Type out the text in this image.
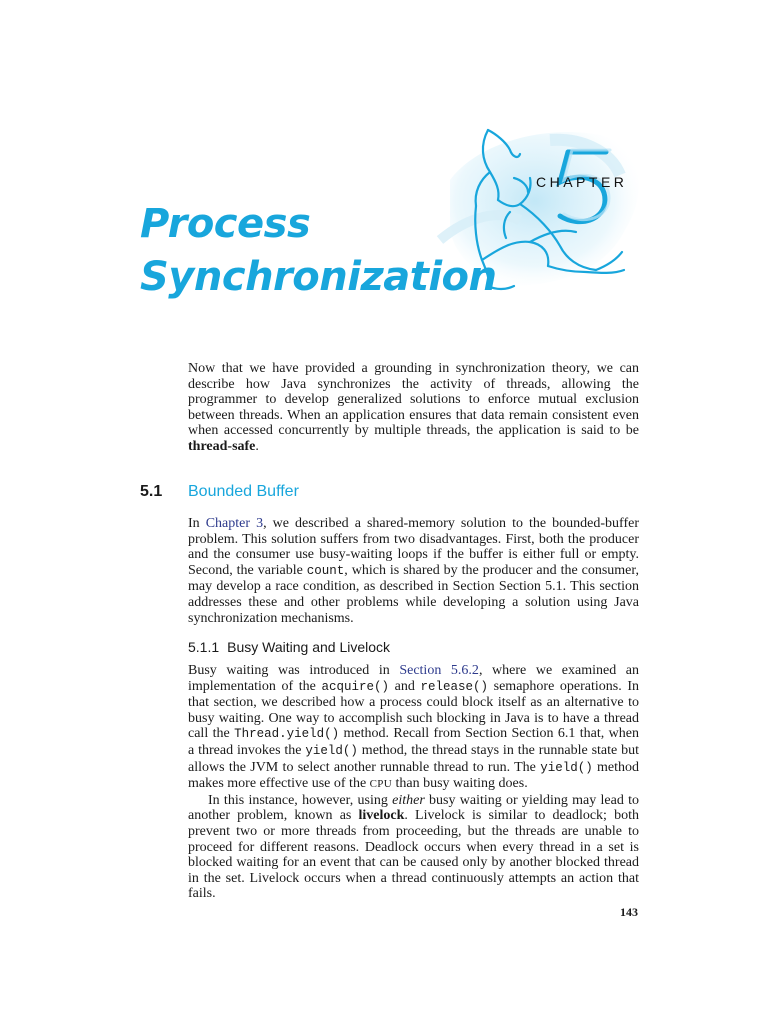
CHAPTER
Process
Synchronization

Now that we have provided a grounding in synchronization theory, we can describe how Java synchronizes the activity of threads, allowing the programmer to develop generalized solutions to enforce mutual exclusion between threads. When an application ensures that data remain consistent even when accessed concurrently by multiple threads, the application is said to be thread-safe.

5.1 Bounded Buffer

In Chapter 3, we described a shared-memory solution to the bounded-buffer problem. This solution suffers from two disadvantages. First, both the producer and the consumer use busy-waiting loops if the buffer is either full or empty. Second, the variable count, which is shared by the producer and the consumer, may develop a race condition, as described in Section Section 5.1. This section addresses these and other problems while developing a solution using Java synchronization mechanisms.

5.1.1 Busy Waiting and Livelock

Busy waiting was introduced in Section 5.6.2, where we examined an implementation of the acquire() and release() semaphore operations. In that section, we described how a process could block itself as an alternative to busy waiting. One way to accomplish such blocking in Java is to have a thread call the Thread.yield() method. Recall from Section Section 6.1 that, when a thread invokes the yield() method, the thread stays in the runnable state but allows the JVM to select another runnable thread to run. The yield() method makes more effective use of the CPU than busy waiting does.

In this instance, however, using either busy waiting or yielding may lead to another problem, known as livelock. Livelock is similar to deadlock; both prevent two or more threads from proceeding, but the threads are unable to proceed for different reasons. Deadlock occurs when every thread in a set is blocked waiting for an event that can be caused only by another blocked thread in the set. Livelock occurs when a thread continuously attempts an action that fails.

143
